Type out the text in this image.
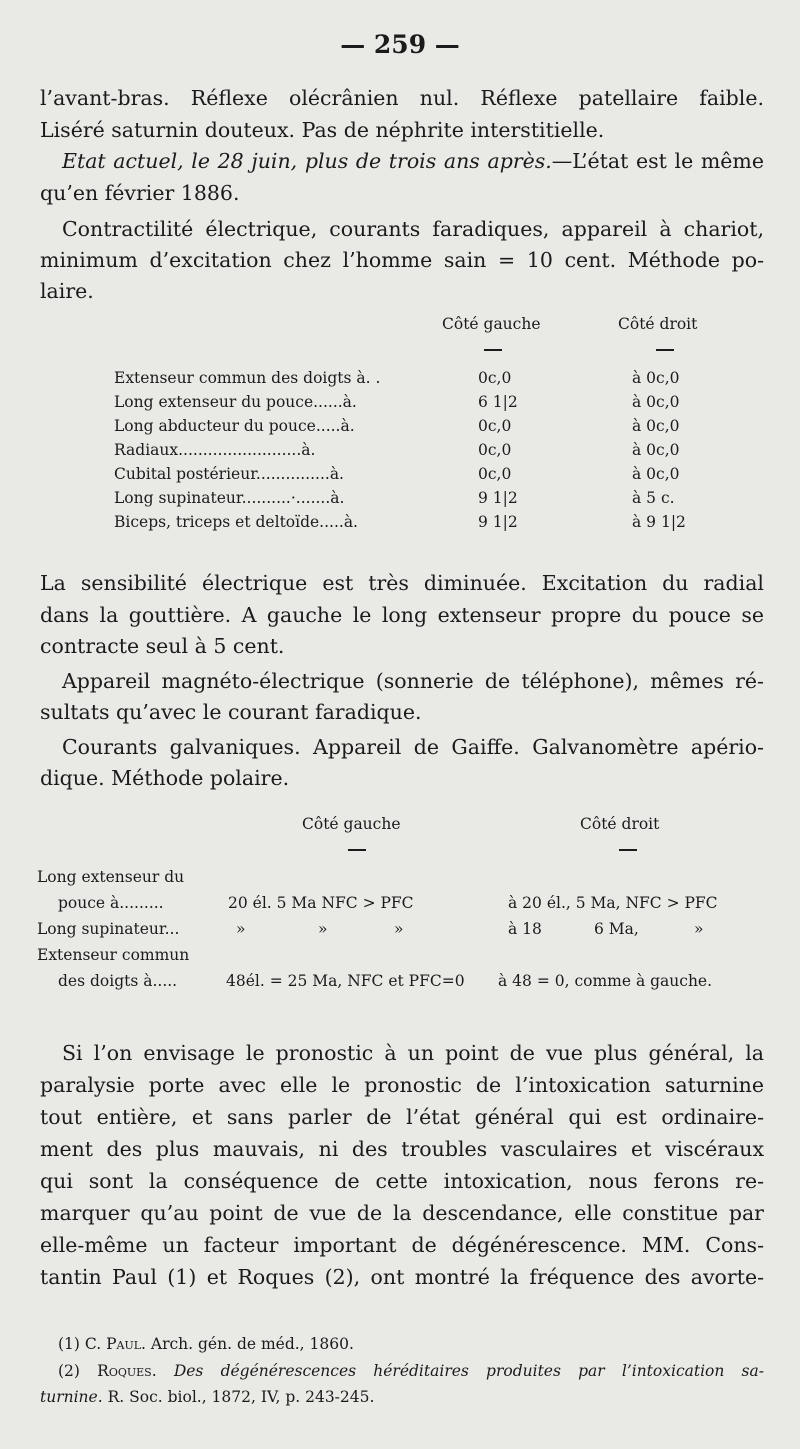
— 259 —
l’avant-bras. Réflexe olécrânien nul. Réflexe patellaire faible.
Liséré saturnin douteux. Pas de néphrite interstitielle.
Etat actuel, le 28 juin, plus de trois ans après.—L’état est le même
qu’en février 1886.
Contractilité électrique, courants faradiques, appareil à chariot,
minimum d’excitation chez l’homme sain = 10 cent. Méthode po-
laire.
Côté gauche	Côté droit
Extenseur commun des doigts à. .	0c,0	à 0c,0
Long extenseur du pouce......à.	6 1|2	à 0c,0
Long abducteur du pouce.....à.	0c,0	à 0c,0
Radiaux.........................à.	0c,0	à 0c,0
Cubital postérieur...............à.	0c,0	à 0c,0
Long supinateur..........·.......à.	9 1|2	à 5 c.
Biceps, triceps et deltoïde.....à.	9 1|2	à 9 1|2
La sensibilité électrique est très diminuée. Excitation du radial
dans la gouttière. A gauche le long extenseur propre du pouce se
contracte seul à 5 cent.
Appareil magnéto-électrique (sonnerie de téléphone), mêmes ré-
sultats qu’avec le courant faradique.
Courants galvaniques. Appareil de Gaiffe. Galvanomètre apério-
dique. Méthode polaire.
Côté gauche	Côté droit
Long extenseur du
pouce à.........	20 él. 5 Ma NFC > PFC	à 20 él., 5 Ma, NFC > PFC
Long supinateur...	»	»	»	à 18	6 Ma,	»
Extenseur commun
des doigts à.....	48él. = 25 Ma, NFC et PFC=0 à 48 = 0, comme à gauche.
Si l’on envisage le pronostic à un point de vue plus général, la
paralysie porte avec elle le pronostic de l’intoxication saturnine
tout entière, et sans parler de l’état général qui est ordinaire-
ment des plus mauvais, ni des troubles vasculaires et viscéraux
qui sont la conséquence de cette intoxication, nous ferons re-
marquer qu’au point de vue de la descendance, elle constitue par
elle-même un facteur important de dégénérescence. MM. Cons-
tantin Paul (1) et Roques (2), ont montré la fréquence des avorte-
(1) C. Paul. Arch. gén. de méd., 1860.
(2) Roques. Des dégénérescences héréditaires produites par l’intoxication sa-
turnine. R. Soc. biol., 1872, IV, p. 243-245.
